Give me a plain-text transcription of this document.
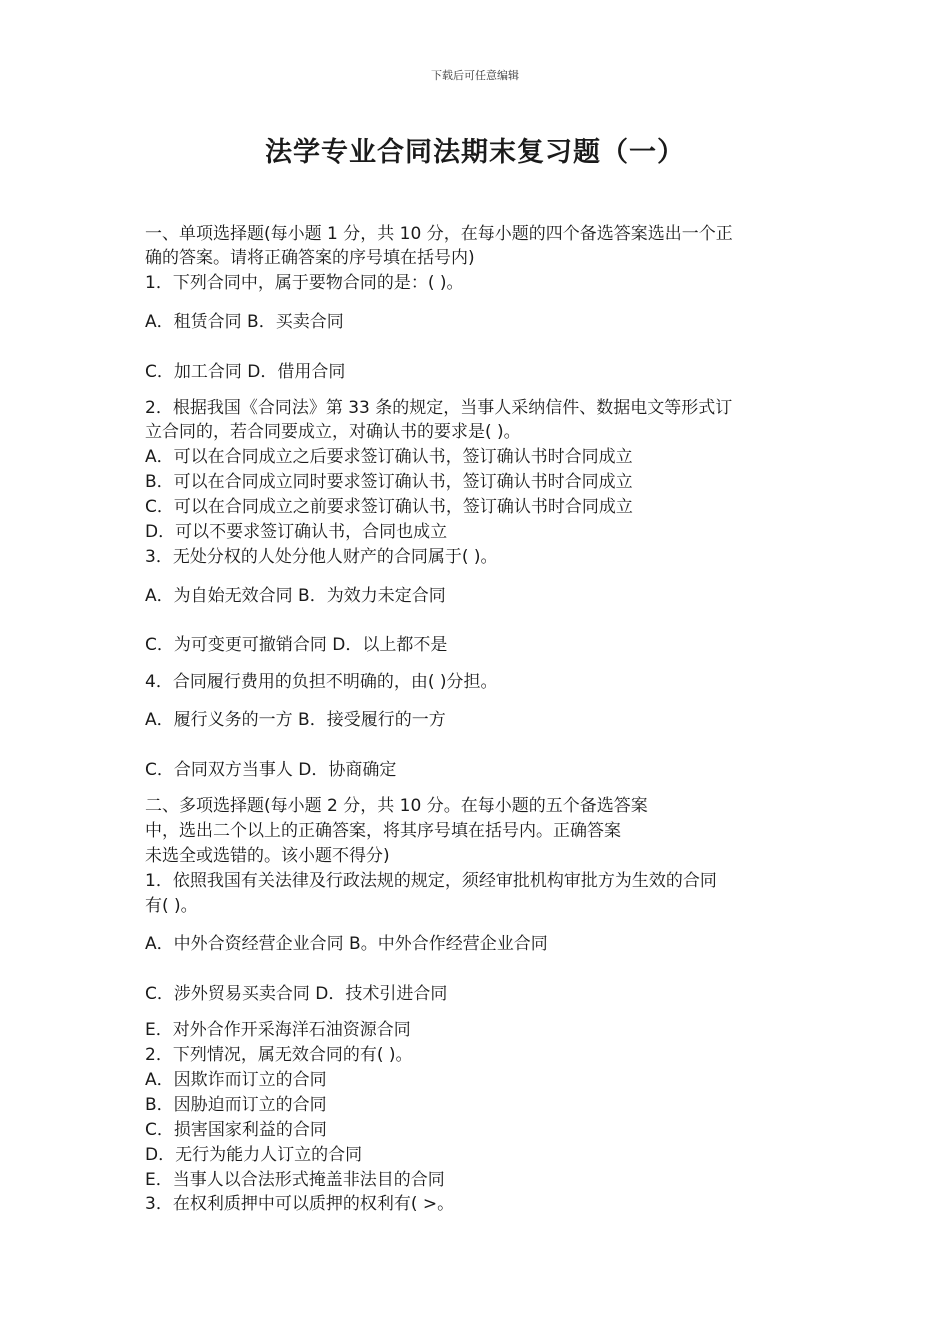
下载后可任意编辑
法学专业合同法期末复习题（一）
一、单项选择题(每小题 1 分，共 10 分，在每小题的四个备选答案选出一个正
确的答案。请将正确答案的序号填在括号内)
1．下列合同中，属于要物合同的是：( )。
A．租赁合同 B．买卖合同
C．加工合同 D．借用合同
2．根据我国《合同法》第 33 条的规定，当事人采纳信件、数据电文等形式订
立合同的，若合同要成立，对确认书的要求是( )。
A．可以在合同成立之后要求签订确认书，签订确认书时合同成立
B．可以在合同成立同时要求签订确认书，签订确认书时合同成立
C．可以在合同成立之前要求签订确认书，签订确认书时合同成立
D．可以不要求签订确认书，合同也成立
3．无处分权的人处分他人财产的合同属于( )。
A．为自始无效合同 B．为效力未定合同
C．为可变更可撤销合同 D．以上都不是
4．合同履行费用的负担不明确的，由( )分担。
A．履行义务的一方 B．接受履行的一方
C．合同双方当事人 D．协商确定
二、多项选择题(每小题 2 分，共 10 分。在每小题的五个备选答案
中，选出二个以上的正确答案，将其序号填在括号内。正确答案
未选全或选错的。该小题不得分)
1．依照我国有关法律及行政法规的规定，须经审批机构审批方为生效的合同
有( )。
A．中外合资经营企业合同 B。中外合作经营企业合同
C．涉外贸易买卖合同 D．技术引进合同
E．对外合作开采海洋石油资源合同
2．下列情况，属无效合同的有( )。
A．因欺诈而订立的合同
B．因胁迫而订立的合同
C．损害国家利益的合同
D．无行为能力人订立的合同
E．当事人以合法形式掩盖非法目的合同
3．在权利质押中可以质押的权利有( >。
